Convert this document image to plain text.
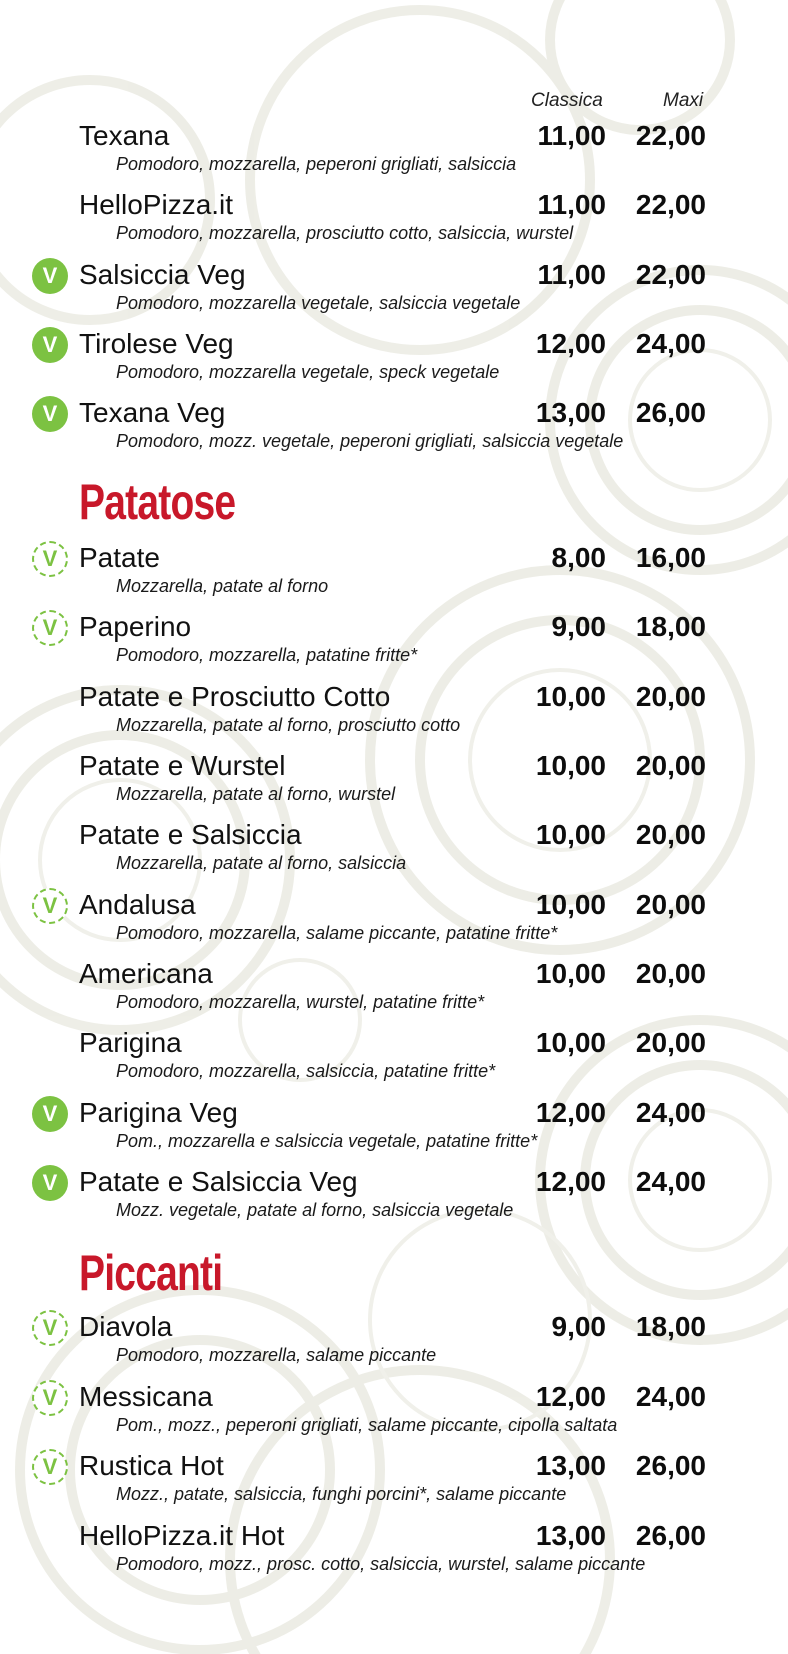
Classica	Maxi
Texana	11,00	22,00
Pomodoro, mozzarella, peperoni grigliati, salsiccia
HelloPizza.it	11,00	22,00
Pomodoro, mozzarella, prosciutto cotto, salsiccia, wurstel
V Salsiccia Veg	11,00	22,00
Pomodoro, mozzarella vegetale, salsiccia vegetale
V Tirolese Veg	12,00	24,00
Pomodoro, mozzarella vegetale, speck vegetale
V Texana Veg	13,00	26,00
Pomodoro, mozz. vegetale, peperoni grigliati, salsiccia vegetale
Patatose
V Patate	8,00	16,00
Mozzarella, patate al forno
V Paperino	9,00	18,00
Pomodoro, mozzarella, patatine fritte*
Patate e Prosciutto Cotto	10,00	20,00
Mozzarella, patate al forno, prosciutto cotto
Patate e Wurstel	10,00	20,00
Mozzarella, patate al forno, wurstel
Patate e Salsiccia	10,00	20,00
Mozzarella, patate al forno, salsiccia
V Andalusa	10,00	20,00
Pomodoro, mozzarella, salame piccante, patatine fritte*
Americana	10,00	20,00
Pomodoro, mozzarella, wurstel, patatine fritte*
Parigina	10,00	20,00
Pomodoro, mozzarella, salsiccia, patatine fritte*
V Parigina Veg	12,00	24,00
Pom., mozzarella e salsiccia vegetale, patatine fritte*
V Patate e Salsiccia Veg	12,00	24,00
Mozz. vegetale, patate al forno, salsiccia vegetale
Piccanti
V Diavola	9,00	18,00
Pomodoro, mozzarella, salame piccante
V Messicana	12,00	24,00
Pom., mozz., peperoni grigliati, salame piccante, cipolla saltata
V Rustica Hot	13,00	26,00
Mozz., patate, salsiccia, funghi porcini*, salame piccante
HelloPizza.it Hot	13,00	26,00
Pomodoro, mozz., prosc. cotto, salsiccia, wurstel, salame piccante
